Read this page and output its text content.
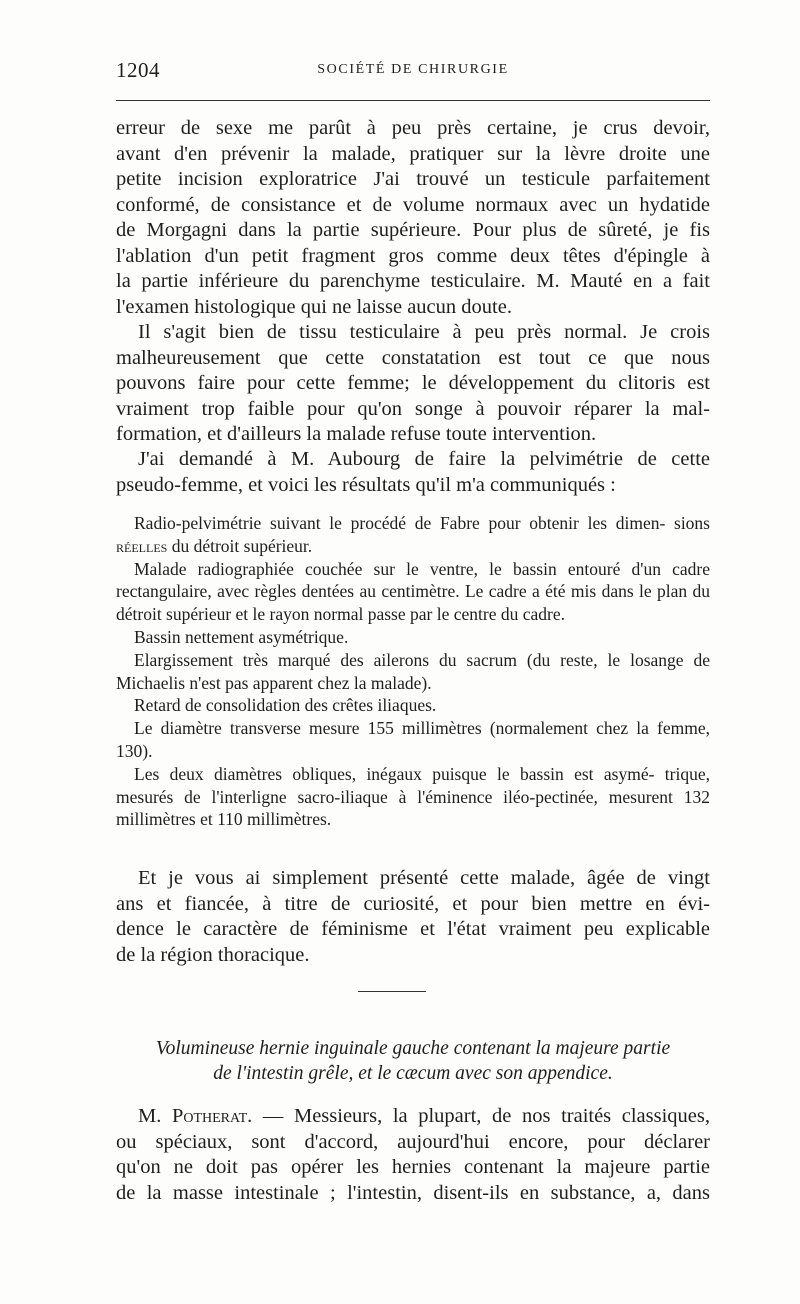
1204	SOCIÉTÉ DE CHIRURGIE
erreur de sexe me parût à peu près certaine, je crus devoir,
avant d'en prévenir la malade, pratiquer sur la lèvre droite une
petite incision exploratrice J'ai trouvé un testicule parfaitement
conformé, de consistance et de volume normaux avec un hydatide
de Morgagni dans la partie supérieure. Pour plus de sûreté, je fis
l'ablation d'un petit fragment gros comme deux têtes d'épingle à
la partie inférieure du parenchyme testiculaire. M. Mauté en a fait
l'examen histologique qui ne laisse aucun doute.
Il s'agit bien de tissu testiculaire à peu près normal. Je crois
malheureusement que cette constatation est tout ce que nous
pouvons faire pour cette femme; le développement du clitoris est
vraiment trop faible pour qu'on songe à pouvoir réparer la mal-
formation, et d'ailleurs la malade refuse toute intervention.
J'ai demandé à M. Aubourg de faire la pelvimétrie de cette
pseudo-femme, et voici les résultats qu'il m'a communiqués :

Radio-pelvimétrie suivant le procédé de Fabre pour obtenir les dimen- sions réelles du détroit supérieur.

Malade radiographiée couchée sur le ventre, le bassin entouré d'un cadre rectangulaire, avec règles dentées au centimètre. Le cadre a été mis dans le plan du détroit supérieur et le rayon normal passe par le centre du cadre.

Bassin nettement asymétrique.

Elargissement très marqué des ailerons du sacrum (du reste, le losange de Michaelis n'est pas apparent chez la malade).

Retard de consolidation des crêtes iliaques.

Le diamètre transverse mesure 155 millimètres (normalement chez la femme, 130).

Les deux diamètres obliques, inégaux puisque le bassin est asymé- trique, mesurés de l'interligne sacro-iliaque à l'éminence iléo-pectinée, mesurent 132 millimètres et 110 millimètres.

Et je vous ai simplement présenté cette malade, âgée de vingt
ans et fiancée, à titre de curiosité, et pour bien mettre en évi-
dence le caractère de féminisme et l'état vraiment peu explicable
de la région thoracique.
Volumineuse hernie inguinale gauche contenant la majeure partie
de l'intestin grêle, et le cæcum avec son appendice.
M. Potherat. — Messieurs, la plupart, de nos traités classiques,
ou spéciaux, sont d'accord, aujourd'hui encore, pour déclarer
qu'on ne doit pas opérer les hernies contenant la majeure partie
de la masse intestinale ; l'intestin, disent-ils en substance, a, dans
